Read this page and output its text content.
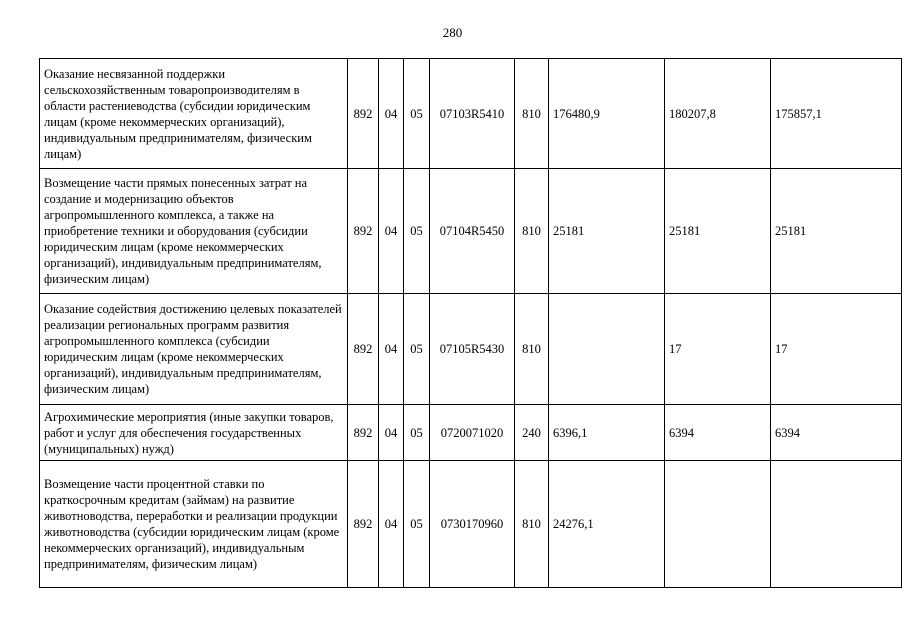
280
Оказание несвязанной поддержки сельскохозяйственным товаропроизводителям в области растениеводства (субсидии юридическим лицам (кроме некоммерческих организаций), индивидуальным предпринимателям, физическим лицам)	892	04	05	07103R5410	810	176480,9	180207,8	175857,1
Возмещение части прямых понесенных затрат на создание и модернизацию объектов агропромышленного комплекса, а также на приобретение техники и оборудования (субсидии юридическим лицам (кроме некоммерческих организаций), индивидуальным предпринимателям, физическим лицам)	892	04	05	07104R5450	810	25181	25181	25181
Оказание содействия достижению целевых показателей реализации региональных программ развития агропромышленного комплекса (субсидии юридическим лицам (кроме некоммерческих организаций), индивидуальным предпринимателям, физическим лицам)	892	04	05	07105R5430	810		17	17
Агрохимические мероприятия (иные закупки товаров, работ и услуг для обеспечения государственных (муниципальных) нужд)	892	04	05	0720071020	240	6396,1	6394	6394
Возмещение части процентной ставки по краткосрочным кредитам (займам) на развитие животноводства, переработки и реализации продукции животноводства (субсидии юридическим лицам (кроме некоммерческих организаций), индивидуальным предпринимателям, физическим лицам)	892	04	05	0730170960	810	24276,1		
